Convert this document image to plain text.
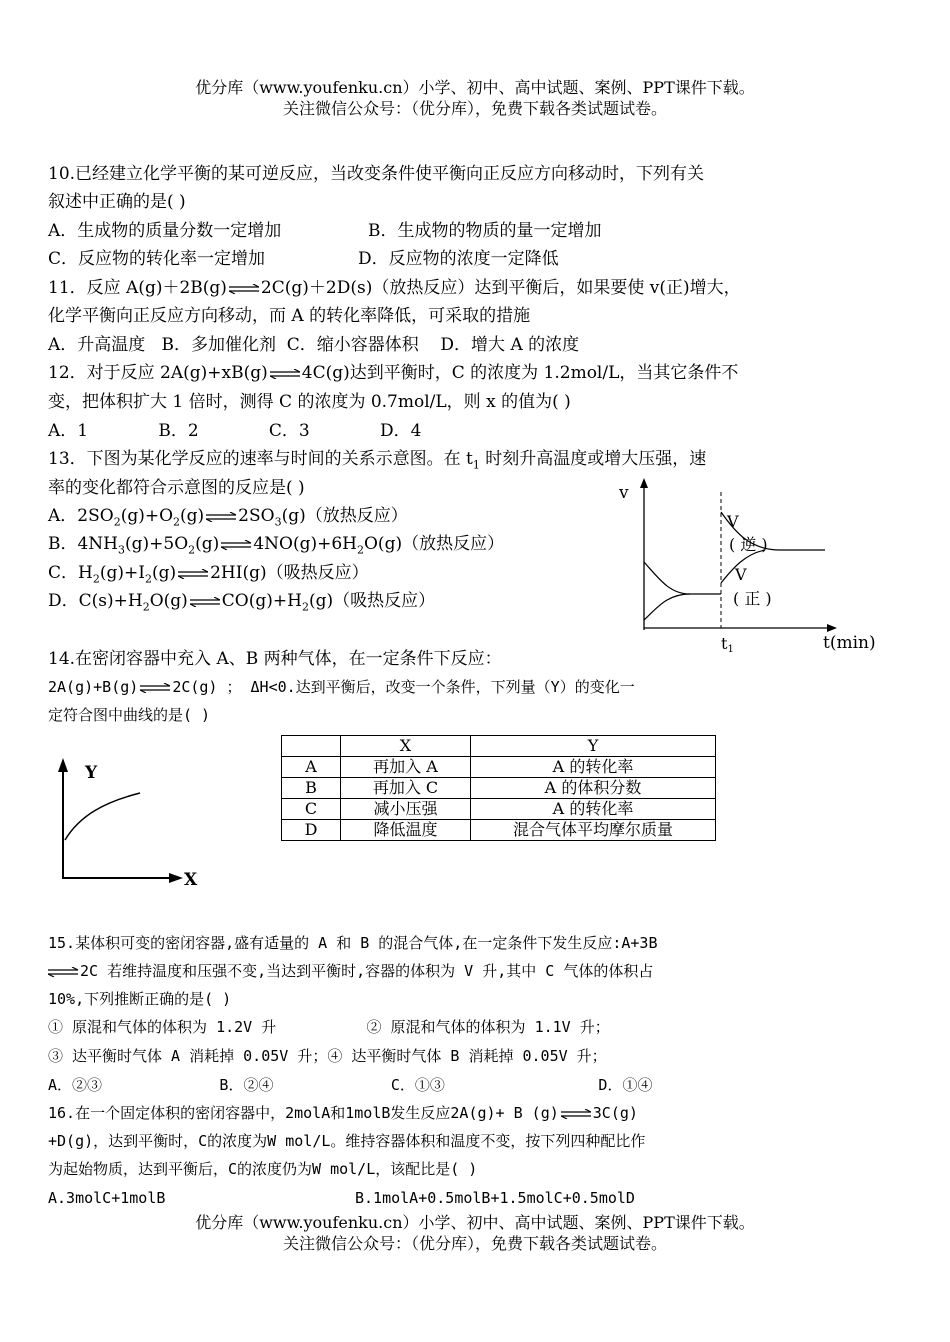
优分库（www.youfenku.cn）小学、初中、高中试题、案例、PPT课件下载。
关注微信公众号：（优分库），免费下载各类试题试卷。
10.已经建立化学平衡的某可逆反应，当改变条件使平衡向正反应方向移动时，下列有关
叙述中正确的是( )
A．生成物的质量分数一定增加	B．生成物的物质的量一定增加
C．反应物的转化率一定增加	D．反应物的浓度一定降低
11．反应 A(g)＋2B(g) ⇌ 2C(g)＋2D(s)（放热反应）达到平衡后，如果要使 v(正)增大，
化学平衡向正反应方向移动，而 A 的转化率降低，可采取的措施
A．升高温度   B．多加催化剂  C．缩小容器体积    D．增大 A 的浓度
12．对于反应 2A(g)+xB(g) ⇌ 4C(g)达到平衡时，C 的浓度为 1.2mol/L，当其它条件不
变，把体积扩大 1 倍时，测得 C 的浓度为 0.7mol/L，则 x 的值为( )
A．1             B．2             C．3             D．4
13．下图为某化学反应的速率与时间的关系示意图。在 $t_1$ 时刻升高温度或增大压强，速
率的变化都符合示意图的反应是( )
A．$2SO_2(g)+O_2(g)$ ⇌ $2SO_3(g)$（放热反应）
B．$4NH_3(g)+5O_2(g)$ ⇌ $4NO(g)+6H_2O(g)$（放热反应）
C．$H_2(g)+I_2(g)$ ⇌ 2HI(g)（吸热反应）
D．$C(s)+H_2O(g)$ ⇌ $CO(g)+H_2(g)$（吸热反应）
v
t(min)
t1
V
( 逆 )
V
( 正 )
14.在密闭容器中充入 A、B 两种气体，在一定条件下反应：
2A(g)+B(g) ⇌ 2C(g) ； ΔH<0.达到平衡后，改变一个条件，下列量（Y）的变化一
定符合图中曲线的是( )
Y
X
	X	Y
A	再加入 A	A 的转化率
B	再加入 C	A 的体积分数
C	减小压强	A 的转化率
D	降低温度	混合气体平均摩尔质量
15.某体积可变的密闭容器,盛有适量的 A 和 B 的混合气体,在一定条件下发生反应:A+3B
⇌ 2C 若维持温度和压强不变,当达到平衡时,容器的体积为 V 升,其中 C 气体的体积占
10%,下列推断正确的是( )
① 原混和气体的体积为 1.2V 升          ② 原混和气体的体积为 1.1V 升；
③ 达平衡时气体 A 消耗掉 0.05V 升；④ 达平衡时气体 B 消耗掉 0.05V 升；
A．②③             B．②④             C．①③                 D．①④
16.在一个固定体积的密闭容器中，2molA和1molB发生反应2A(g)+ B (g) ⇌ 3C(g)
+D(g)，达到平衡时，C的浓度为W mol/L。维持容器体积和温度不变，按下列四种配比作
为起始物质，达到平衡后，C的浓度仍为W mol/L，该配比是( )
A.3molC+1molB	B.1molA+0.5molB+1.5molC+0.5molD
优分库（www.youfenku.cn）小学、初中、高中试题、案例、PPT课件下载。
关注微信公众号：（优分库），免费下载各类试题试卷。
